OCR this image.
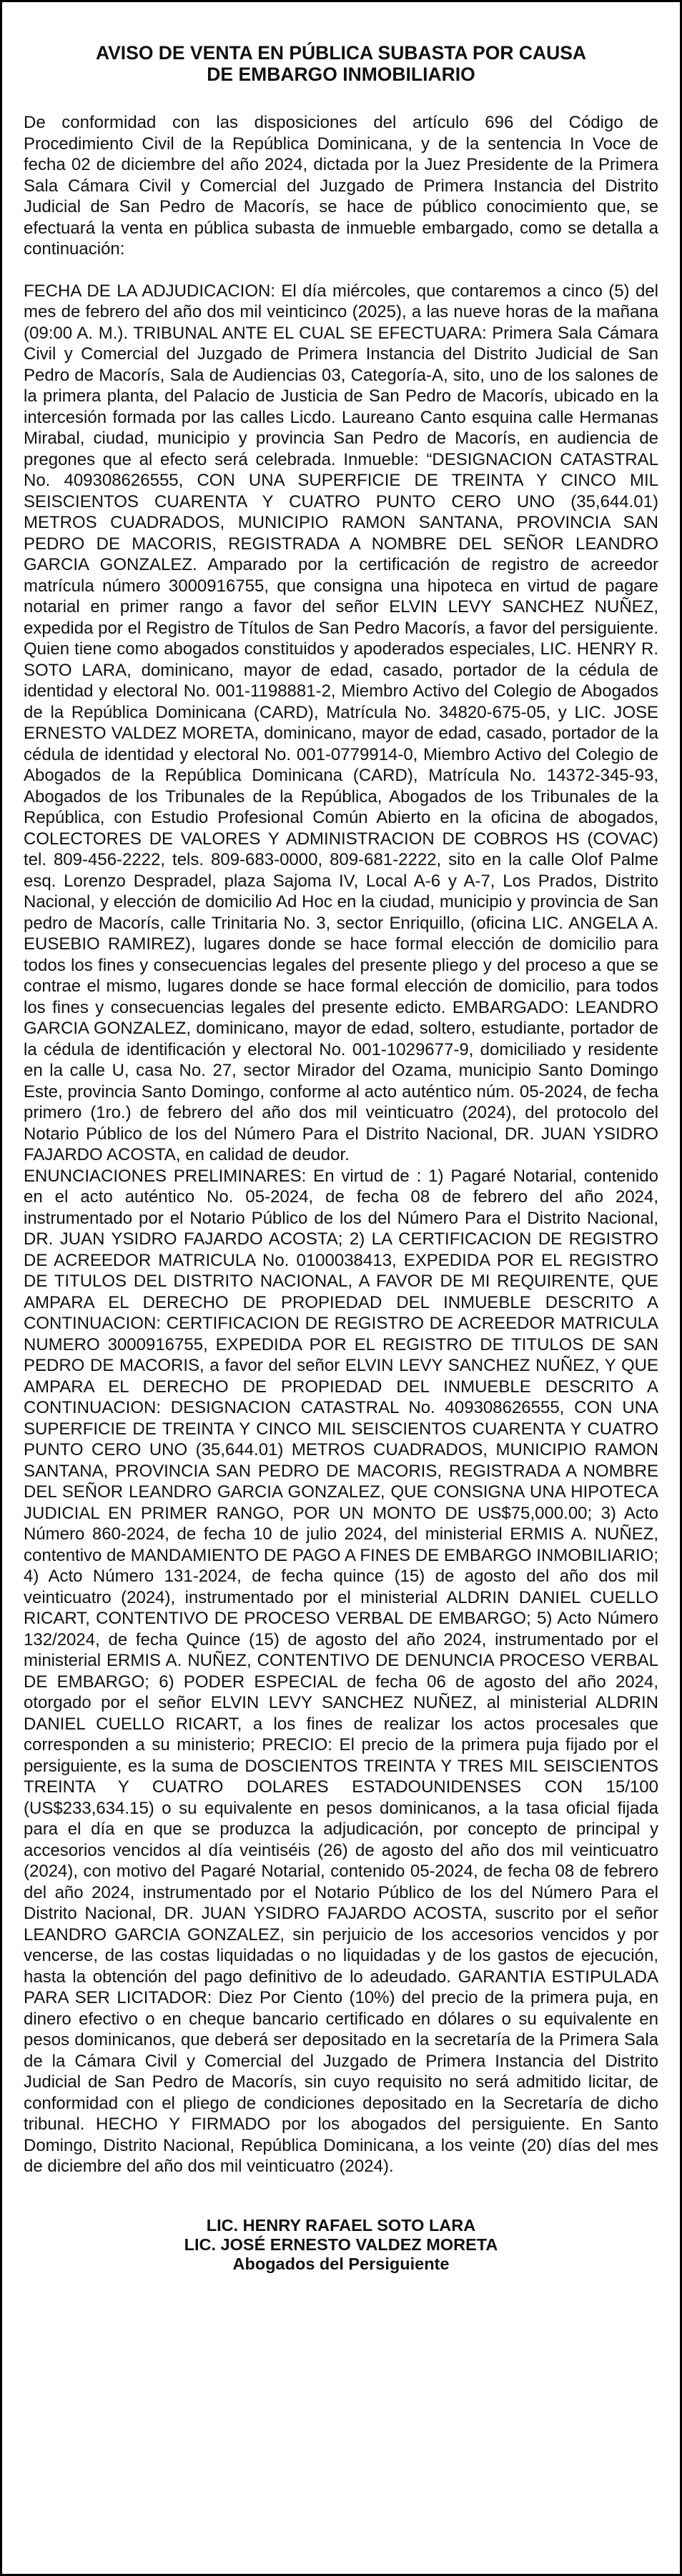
AVISO DE VENTA EN PÚBLICA SUBASTA POR CAUSA
DE EMBARGO INMOBILIARIO

De conformidad con las disposiciones del artículo 696 del Código de Procedimiento Civil de la República Dominicana, y de la sentencia In Voce de fecha 02 de diciembre del año 2024, dictada por la Juez Presidente de la Primera Sala Cámara Civil y Comercial del Juzgado de Primera Instancia del Distrito Judicial de San Pedro de Macorís, se hace de público conocimiento que, se efectuará la venta en pública subasta de inmueble embargado, como se detalla a continuación:

FECHA DE LA ADJUDICACION: El día miércoles, que contaremos a cinco (5) del mes de febrero del año dos mil veinticinco (2025), a las nueve horas de la mañana (09:00 A. M.). TRIBUNAL ANTE EL CUAL SE EFECTUARA: Primera Sala Cámara Civil y Comercial del Juzgado de Primera Instancia del Distrito Judicial de San Pedro de Macorís, Sala de Audiencias 03, Categoría-A, sito, uno de los salones de la primera planta, del Palacio de Justicia de San Pedro de Macorís, ubicado en la intercesión formada por las calles Licdo. Laureano Canto esquina calle Hermanas Mirabal, ciudad, municipio y provincia San Pedro de Macorís, en audiencia de pregones que al efecto será celebrada. Inmueble: “DESIGNACION CATASTRAL No. 409308626555, CON UNA SUPERFICIE DE TREINTA Y CINCO MIL SEISCIENTOS CUARENTA Y CUATRO PUNTO CERO UNO (35,644.01) METROS CUADRADOS, MUNICIPIO RAMON SANTANA, PROVINCIA SAN PEDRO DE MACORIS, REGISTRADA A NOMBRE DEL SEÑOR LEANDRO GARCIA GONZALEZ. Amparado por la certificación de registro de acreedor matrícula número 3000916755, que consigna una hipoteca en virtud de pagare notarial en primer rango a favor del señor ELVIN LEVY SANCHEZ NUÑEZ, expedida por el Registro de Títulos de San Pedro Macorís, a favor del persiguiente. Quien tiene como abogados constituidos y apoderados especiales, LIC. HENRY R. SOTO LARA, dominicano, mayor de edad, casado, portador de la cédula de identidad y electoral No. 001-1198881-2, Miembro Activo del Colegio de Abogados de la República Dominicana (CARD), Matrícula No. 34820-675-05, y LIC. JOSE ERNESTO VALDEZ MORETA, dominicano, mayor de edad, casado, portador de la cédula de identidad y electoral No. 001-0779914-0, Miembro Activo del Colegio de Abogados de la República Dominicana (CARD), Matrícula No. 14372-345-93, Abogados de los Tribunales de la República, Abogados de los Tribunales de la República, con Estudio Profesional Común Abierto en la oficina de abogados, COLECTORES DE VALORES Y ADMINISTRACION DE COBROS HS (COVAC) tel. 809-456-2222, tels. 809-683-0000, 809-681-2222, sito en la calle Olof Palme esq. Lorenzo Despradel, plaza Sajoma IV, Local A-6 y A-7, Los Prados, Distrito Nacional, y elección de domicilio Ad Hoc en la ciudad, municipio y provincia de San pedro de Macorís, calle Trinitaria No. 3, sector Enriquillo, (oficina LIC. ANGELA A. EUSEBIO RAMIREZ), lugares donde se hace formal elección de domicilio para todos los fines y consecuencias legales del presente pliego y del proceso a que se contrae el mismo, lugares donde se hace formal elección de domicilio, para todos los fines y consecuencias legales del presente edicto. EMBARGADO: LEANDRO GARCIA GONZALEZ, dominicano, mayor de edad, soltero, estudiante, portador de la cédula de identificación y electoral No. 001-1029677-9, domiciliado y residente en la calle U, casa No. 27, sector Mirador del Ozama, municipio Santo Domingo Este, provincia Santo Domingo, conforme al acto auténtico núm. 05-2024, de fecha primero (1ro.) de febrero del año dos mil veinticuatro (2024), del protocolo del Notario Público de los del Número Para el Distrito Nacional, DR. JUAN YSIDRO FAJARDO ACOSTA, en calidad de deudor.

ENUNCIACIONES PRELIMINARES: En virtud de : 1) Pagaré Notarial, contenido en el acto auténtico No. 05-2024, de fecha 08 de febrero del año 2024, instrumentado por el Notario Público de los del Número Para el Distrito Nacional, DR. JUAN YSIDRO FAJARDO ACOSTA; 2) LA CERTIFICACION DE REGISTRO DE ACREEDOR MATRICULA No. 0100038413, EXPEDIDA POR EL REGISTRO DE TITULOS DEL DISTRITO NACIONAL, A FAVOR DE MI REQUIRENTE, QUE AMPARA EL DERECHO DE PROPIEDAD DEL INMUEBLE DESCRITO A CONTINUACION: CERTIFICACION DE REGISTRO DE ACREEDOR MATRICULA NUMERO 3000916755, EXPEDIDA POR EL REGISTRO DE TITULOS DE SAN PEDRO DE MACORIS, a favor del señor ELVIN LEVY SANCHEZ NUÑEZ, Y QUE AMPARA EL DERECHO DE PROPIEDAD DEL INMUEBLE DESCRITO A CONTINUACION: DESIGNACION CATASTRAL No. 409308626555, CON UNA SUPERFICIE DE TREINTA Y CINCO MIL SEISCIENTOS CUARENTA Y CUATRO PUNTO CERO UNO (35,644.01) METROS CUADRADOS, MUNICIPIO RAMON SANTANA, PROVINCIA SAN PEDRO DE MACORIS, REGISTRADA A NOMBRE DEL SEÑOR LEANDRO GARCIA GONZALEZ, QUE CONSIGNA UNA HIPOTECA JUDICIAL EN PRIMER RANGO, POR UN MONTO DE US$75,000.00; 3) Acto Número 860-2024, de fecha 10 de julio 2024, del ministerial ERMIS A. NUÑEZ, contentivo de MANDAMIENTO DE PAGO A FINES DE EMBARGO INMOBILIARIO; 4) Acto Número 131-2024, de fecha quince (15) de agosto del año dos mil veinticuatro (2024), instrumentado por el ministerial ALDRIN DANIEL CUELLO RICART, CONTENTIVO DE PROCESO VERBAL DE EMBARGO; 5) Acto Número 132/2024, de fecha Quince (15) de agosto del año 2024, instrumentado por el ministerial ERMIS A. NUÑEZ, CONTENTIVO DE DENUNCIA PROCESO VERBAL DE EMBARGO; 6) PODER ESPECIAL de fecha 06 de agosto del año 2024, otorgado por el señor ELVIN LEVY SANCHEZ NUÑEZ, al ministerial ALDRIN DANIEL CUELLO RICART, a los fines de realizar los actos procesales que corresponden a su ministerio; PRECIO: El precio de la primera puja fijado por el persiguiente, es la suma de DOSCIENTOS TREINTA Y TRES MIL SEISCIENTOS TREINTA Y CUATRO DOLARES ESTADOUNIDENSES CON 15/100 (US$233,634.15) o su equivalente en pesos dominicanos, a la tasa oficial fijada para el día en que se produzca la adjudicación, por concepto de principal y accesorios vencidos al día veintiséis (26) de agosto del año dos mil veinticuatro (2024), con motivo del Pagaré Notarial, contenido 05-2024, de fecha 08 de febrero del año 2024, instrumentado por el Notario Público de los del Número Para el Distrito Nacional, DR. JUAN YSIDRO FAJARDO ACOSTA, suscrito por el señor LEANDRO GARCIA GONZALEZ, sin perjuicio de los accesorios vencidos y por vencerse, de las costas liquidadas o no liquidadas y de los gastos de ejecución, hasta la obtención del pago definitivo de lo adeudado. GARANTIA ESTIPULADA PARA SER LICITADOR: Diez Por Ciento (10%) del precio de la primera puja, en dinero efectivo o en cheque bancario certificado en dólares o su equivalente en pesos dominicanos, que deberá ser depositado en la secretaría de la Primera Sala de la Cámara Civil y Comercial del Juzgado de Primera Instancia del Distrito Judicial de San Pedro de Macorís, sin cuyo requisito no será admitido licitar, de conformidad con el pliego de condiciones depositado en la Secretaría de dicho tribunal. HECHO Y FIRMADO por los abogados del persiguiente. En Santo Domingo, Distrito Nacional, República Dominicana, a los veinte (20) días del mes de diciembre del año dos mil veinticuatro (2024).

LIC. HENRY RAFAEL SOTO LARA
LIC. JOSÉ ERNESTO VALDEZ MORETA
Abogados del Persiguiente
